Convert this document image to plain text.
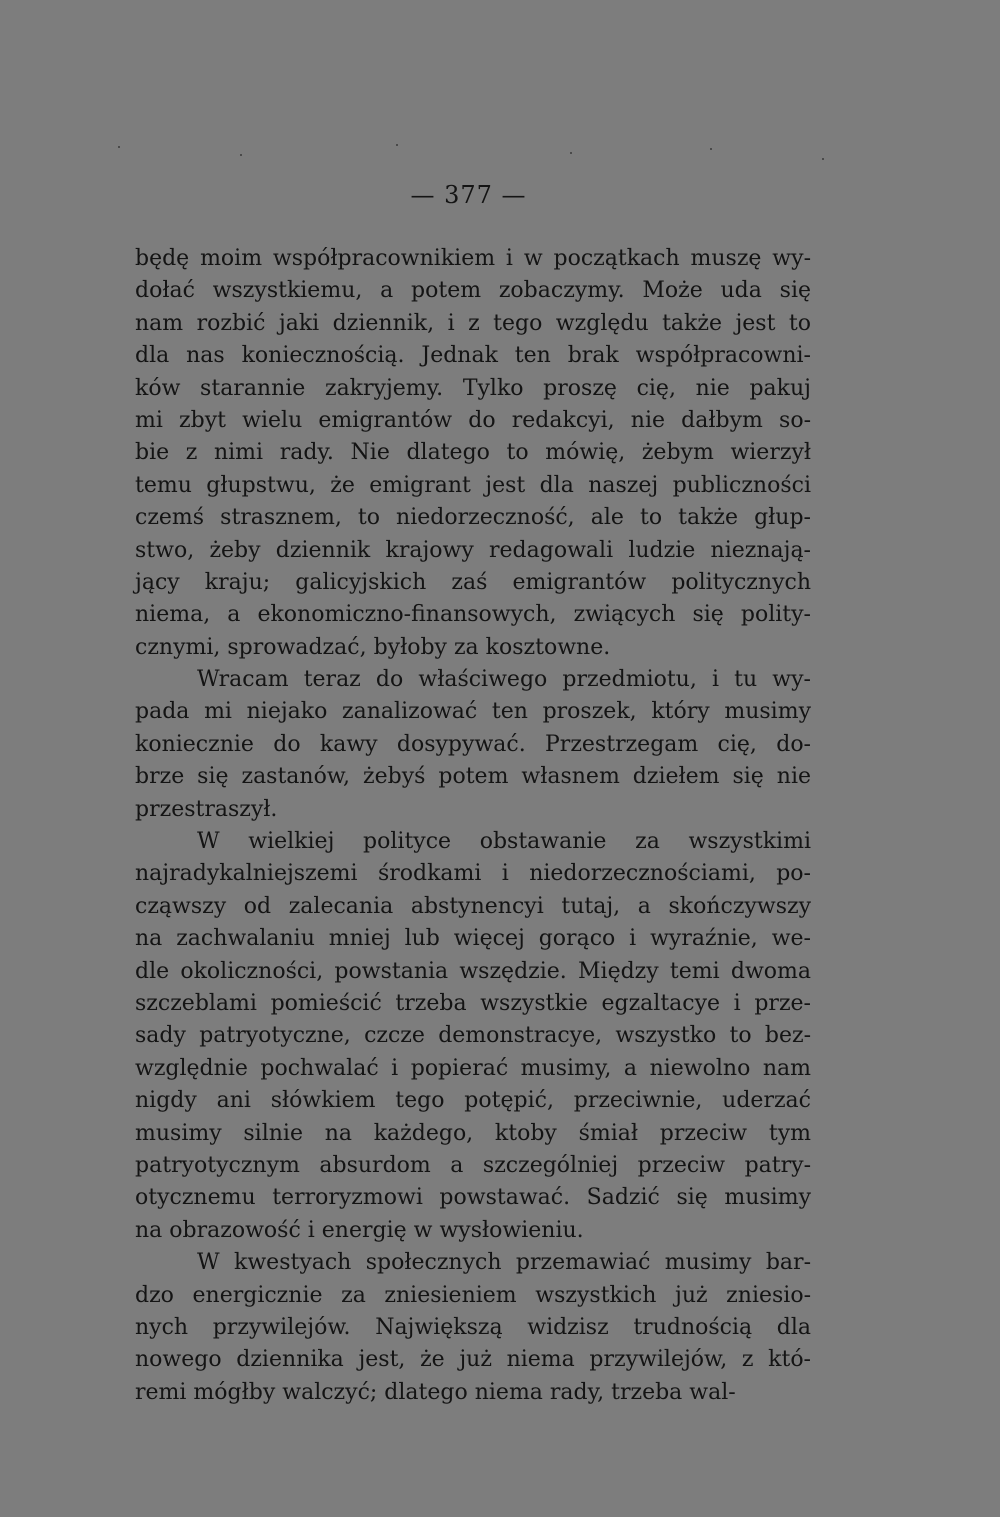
— 377 —
będę moim współpracownikiem i w początkach muszę wy-
dołać wszystkiemu, a potem zobaczymy. Może uda się
nam rozbić jaki dziennik, i z tego względu także jest to
dla nas koniecznością. Jednak ten brak współpracowni-
ków starannie zakryjemy. Tylko proszę cię, nie pakuj
mi zbyt wielu emigrantów do redakcyi, nie dałbym so-
bie z nimi rady. Nie dlatego to mówię, żebym wierzył
temu głupstwu, że emigrant jest dla naszej publiczności
czemś strasznem, to niedorzeczność, ale to także głup-
stwo, żeby dziennik krajowy redagowali ludzie nieznają-
jący kraju; galicyjskich zaś emigrantów politycznych
niema, a ekonomiczno-finansowych, zwiących się polity-
cznymi, sprowadzać, byłoby za kosztowne.
Wracam teraz do właściwego przedmiotu, i tu wy-
pada mi niejako zanalizować ten proszek, który musimy
koniecznie do kawy dosypywać. Przestrzegam cię, do-
brze się zastanów, żebyś potem własnem dziełem się nie
przestraszył.
W wielkiej polityce obstawanie za wszystkimi
najradykalniejszemi środkami i niedorzecznościami, po-
cząwszy od zalecania abstynencyi tutaj, a skończywszy
na zachwalaniu mniej lub więcej gorąco i wyraźnie, we-
dle okoliczności, powstania wszędzie. Między temi dwoma
szczeblami pomieścić trzeba wszystkie egzaltacye i prze-
sady patryotyczne, czcze demonstracye, wszystko to bez-
względnie pochwalać i popierać musimy, a niewolno nam
nigdy ani słówkiem tego potępić, przeciwnie, uderzać
musimy silnie na każdego, ktoby śmiał przeciw tym
patryotycznym absurdom a szczególniej przeciw patry-
otycznemu terroryzmowi powstawać. Sadzić się musimy
na obrazowość i energię w wysłowieniu.
W kwestyach społecznych przemawiać musimy bar-
dzo energicznie za zniesieniem wszystkich już zniesio-
nych przywilejów. Największą widzisz trudnością dla
nowego dziennika jest, że już niema przywilejów, z któ-
remi mógłby walczyć; dlatego niema rady, trzeba wal-
